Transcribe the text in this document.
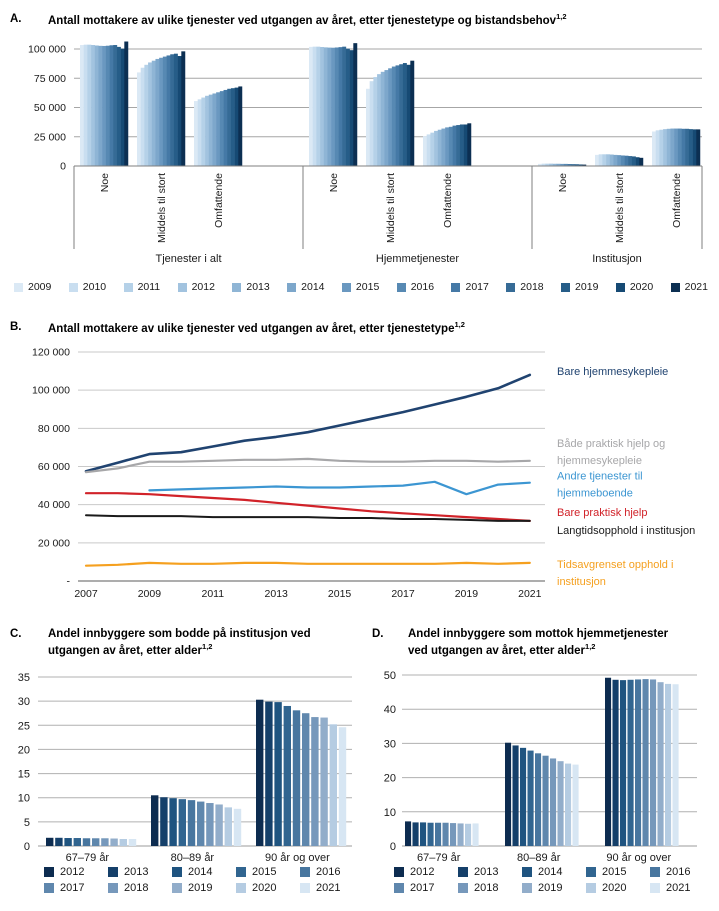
A.	Antall mottakere av ulike tjenester ved utgangen av året, etter tjenestetype og bistandsbehov$^{1,2}$
100 000
75 000
50 000
25 000
0
Noe	Middels til stort	Omfattende
Tjenester i alt
Noe	Middels til stort	Omfattende
Hjemmetjenester
Noe	Middels til stort	Omfattende
Institusjon
2009	2010	2011	2012	2013	2014	2015	2016	2017	2018	2019	2020	2021
B.	Antall mottakere av ulike tjenester ved utgangen av året, etter tjenestetype$^{1,2}$
120 000
100 000
80 000
60 000
40 000
20 000
-
2007	2009	2011	2013	2015	2017	2019	2021
Bare hjemmesykepleie
Både praktisk hjelp og
hjemmesykepleie
Andre tjenester til
hjemmeboende
Bare praktisk hjelp
Langtidsopphold i institusjon
Tidsavgrenset opphold i
institusjon
C.	Andel innbyggere som bodde på institusjon ved utgangen av året, etter alder$^{1,2}$
35
30
25
20
15
10
5
0
67–79 år	80–89 år	90 år og over
2012	2013	2014	2015	2016
2017	2018	2019	2020	2021
D.	Andel innbyggere som mottok hjemmetjenester ved utgangen av året, etter alder$^{1,2}$
50
40
30
20
10
0
67–79 år	80–89 år	90 år og over
2012	2013	2014	2015	2016
2017	2018	2019	2020	2021
